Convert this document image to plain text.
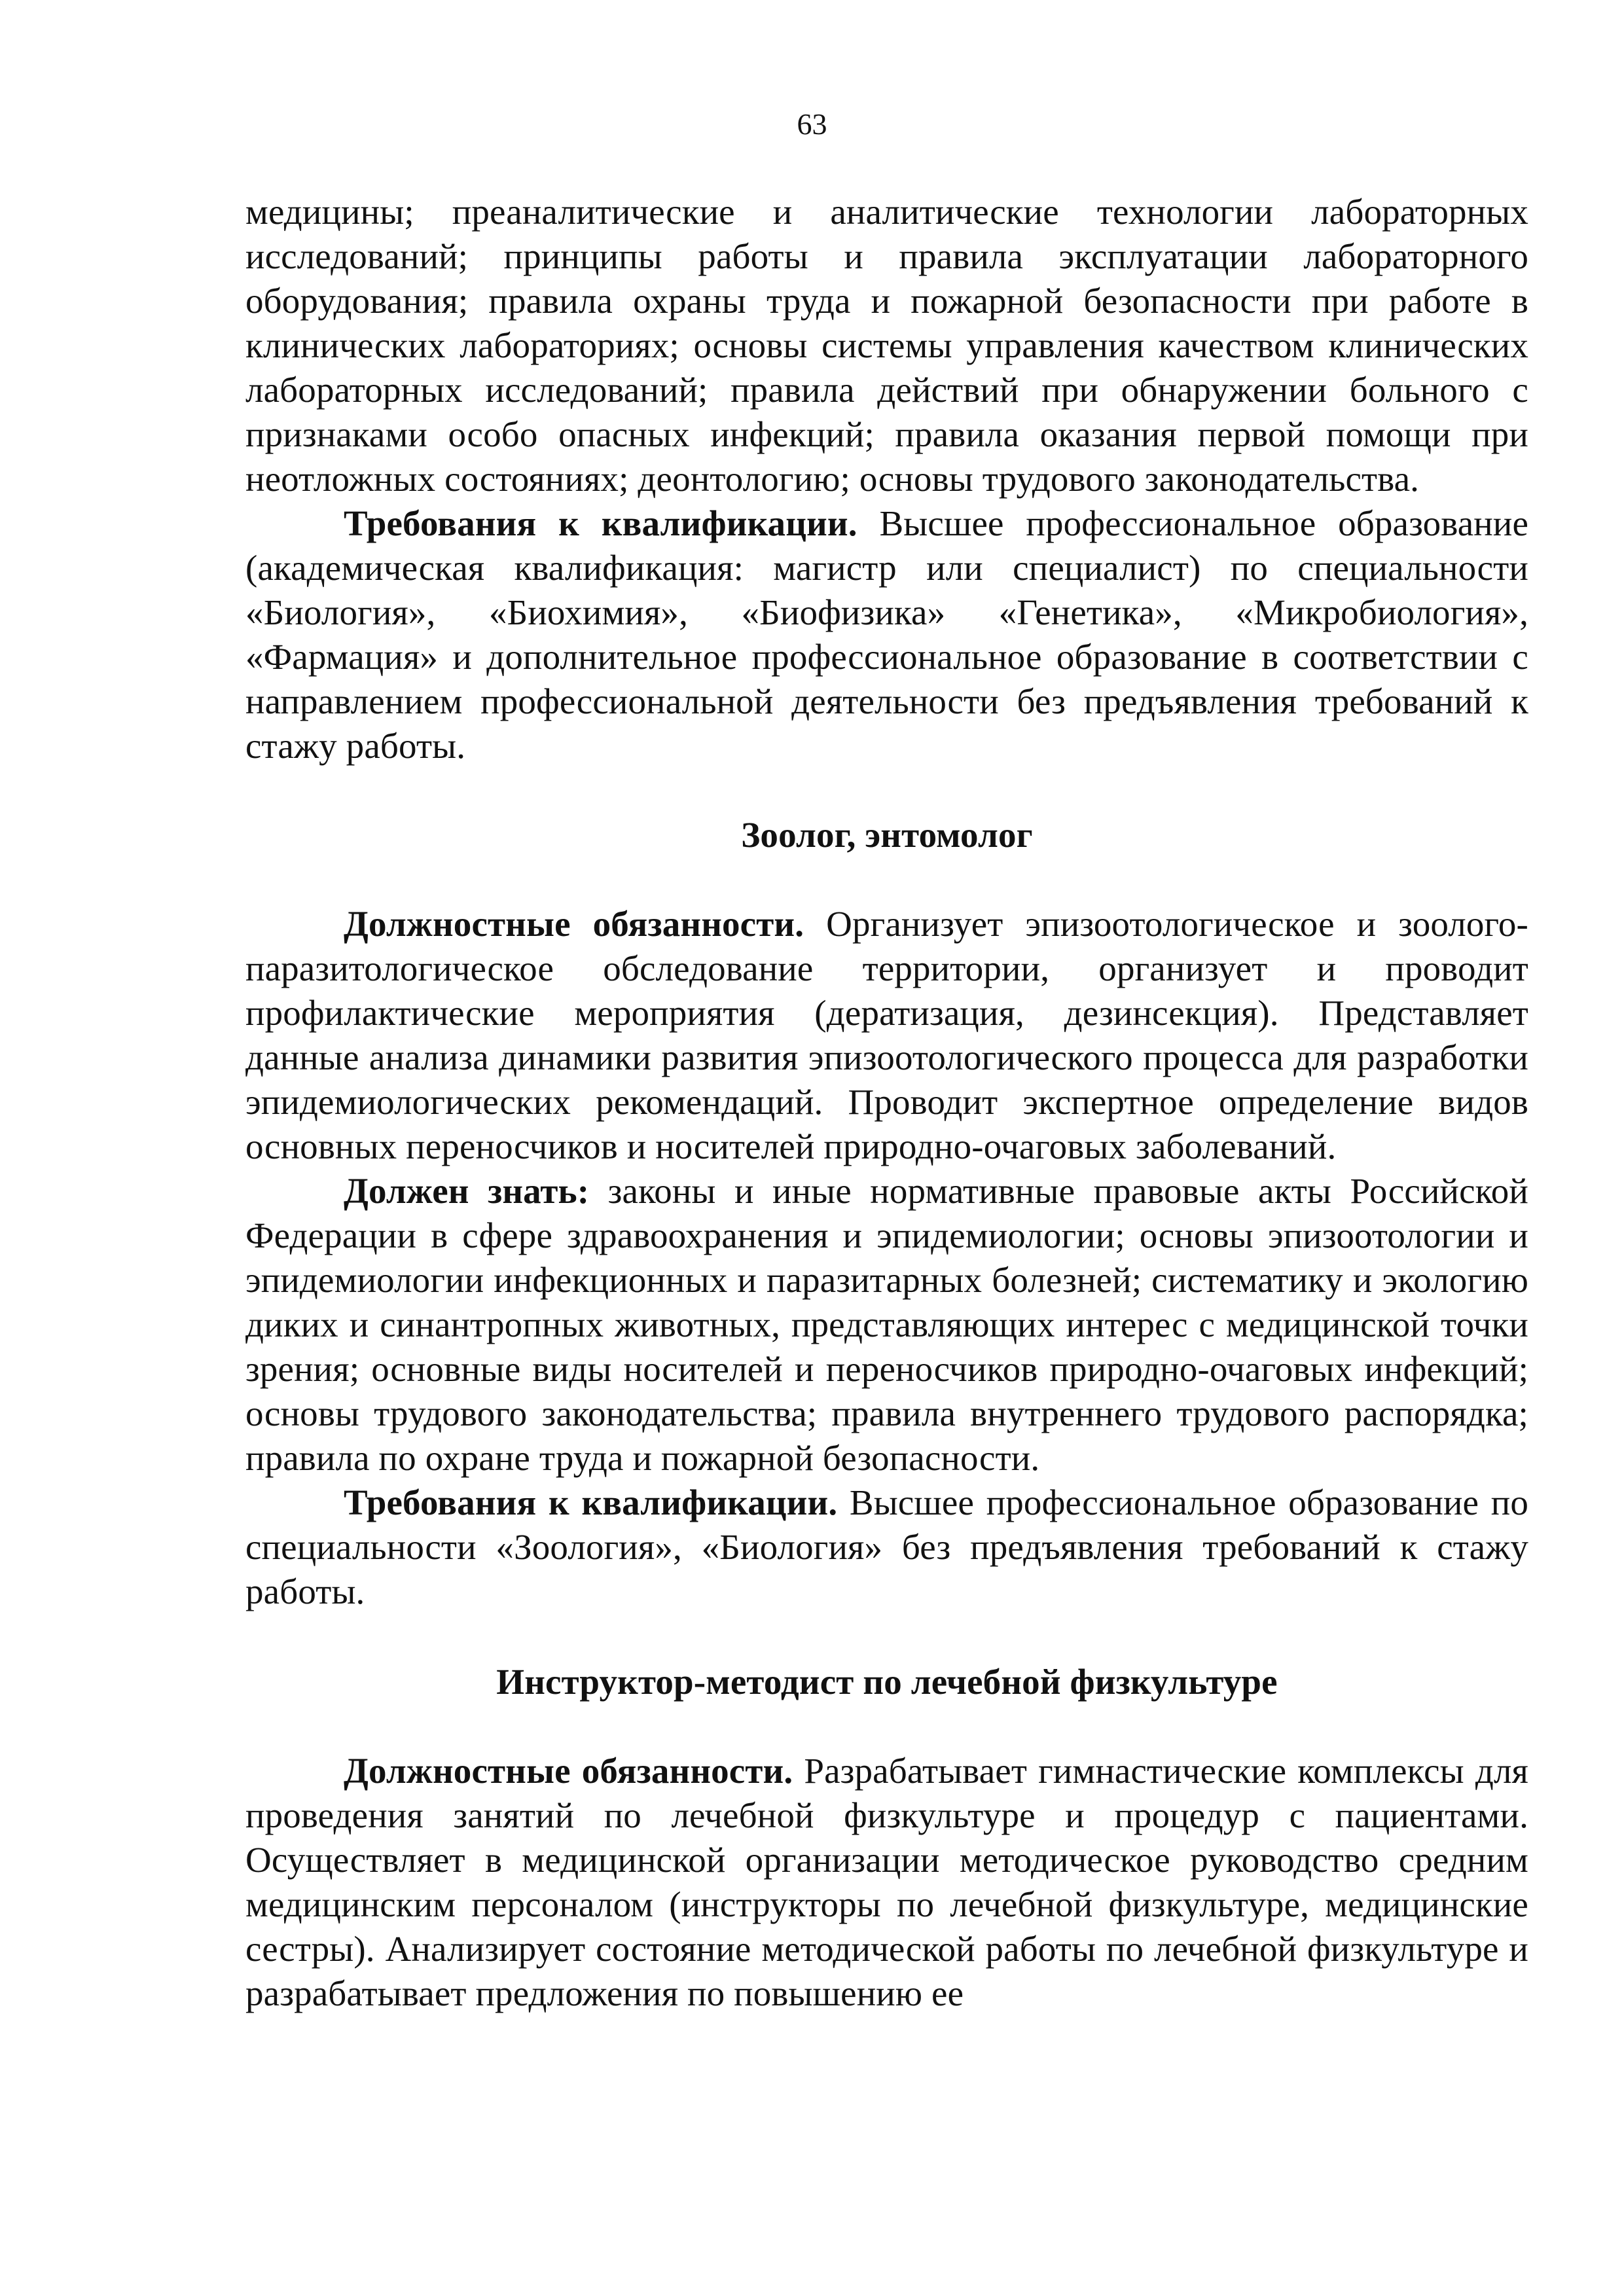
63

медицины; преаналитические и аналитические технологии лабораторных исследований; принципы работы и правила эксплуатации лабораторного оборудования; правила охраны труда и пожарной безопасности при работе в клинических лабораториях; основы системы управления качеством клинических лабораторных исследований; правила действий при обнаружении больного с признаками особо опасных инфекций; правила оказания первой помощи при неотложных состояниях; деонтологию; основы трудового законодательства.

Требования к квалификации. Высшее профессиональное образование (академическая квалификация: магистр или специалист) по специальности «Биология», «Биохимия», «Биофизика» «Генетика», «Микробиология», «Фармация» и дополнительное профессиональное образование в соответствии с направлением профессиональной деятельности без предъявления требований к стажу работы.

Зоолог, энтомолог

Должностные обязанности. Организует эпизоотологическое и зоолого-паразитологическое обследование территории, организует и проводит профилактические мероприятия (дератизация, дезинсекция). Представляет данные анализа динамики развития эпизоотологического процесса для разработки эпидемиологических рекомендаций. Проводит экспертное определение видов основных переносчиков и носителей природно-очаговых заболеваний.

Должен знать: законы и иные нормативные правовые акты Российской Федерации в сфере здравоохранения и эпидемиологии; основы эпизоотологии и эпидемиологии инфекционных и паразитарных болезней; систематику и экологию диких и синантропных животных, представляющих интерес с медицинской точки зрения; основные виды носителей и переносчиков природно-очаговых инфекций; основы трудового законодательства; правила внутреннего трудового распорядка; правила по охране труда и пожарной безопасности.

Требования к квалификации. Высшее профессиональное образование по специальности «Зоология», «Биология» без предъявления требований к стажу работы.

Инструктор-методист по лечебной физкультуре

Должностные обязанности. Разрабатывает гимнастические комплексы для проведения занятий по лечебной физкультуре и процедур с пациентами. Осуществляет в медицинской организации методическое руководство средним медицинским персоналом (инструкторы по лечебной физкультуре, медицинские сестры). Анализирует состояние методической работы по лечебной физкультуре и разрабатывает предложения по повышению ее
